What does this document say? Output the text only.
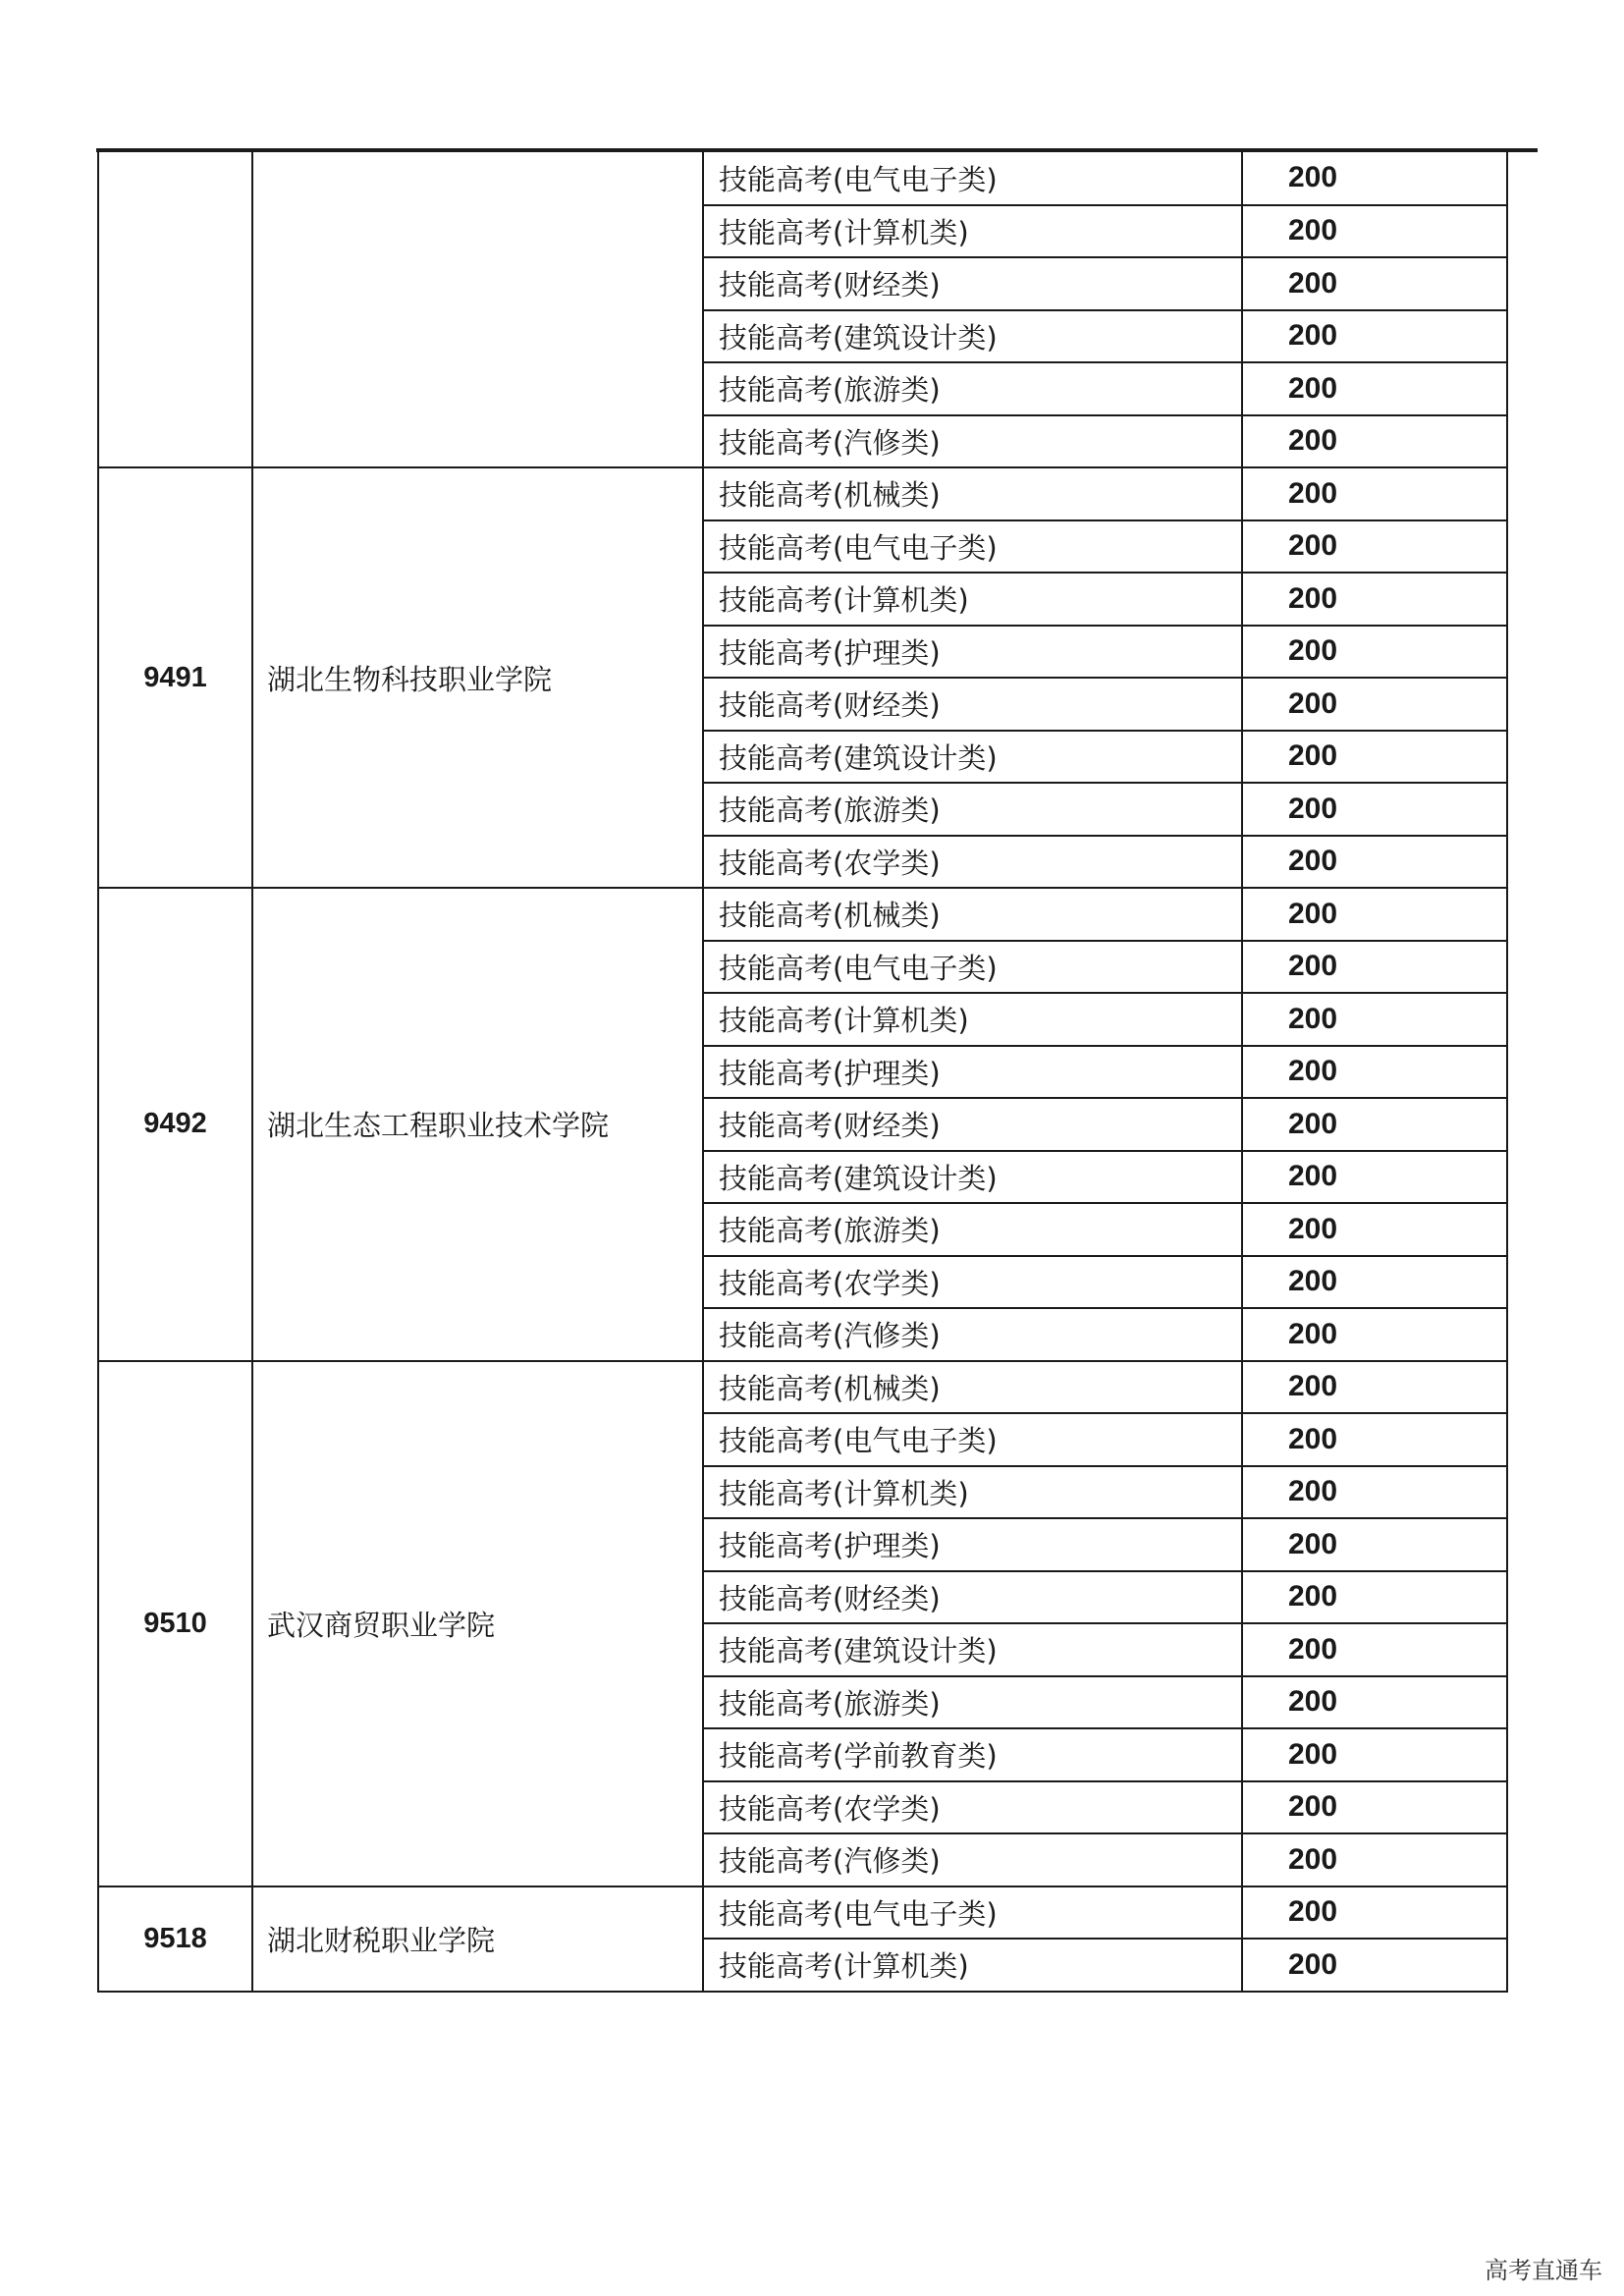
		技能高考(电气电子类)	200
		技能高考(计算机类)	200
		技能高考(财经类)	200
		技能高考(建筑设计类)	200
		技能高考(旅游类)	200
		技能高考(汽修类)	200
9491	湖北生物科技职业学院	技能高考(机械类)	200
		技能高考(电气电子类)	200
		技能高考(计算机类)	200
		技能高考(护理类)	200
		技能高考(财经类)	200
		技能高考(建筑设计类)	200
		技能高考(旅游类)	200
		技能高考(农学类)	200
9492	湖北生态工程职业技术学院	技能高考(机械类)	200
		技能高考(电气电子类)	200
		技能高考(计算机类)	200
		技能高考(护理类)	200
		技能高考(财经类)	200
		技能高考(建筑设计类)	200
		技能高考(旅游类)	200
		技能高考(农学类)	200
		技能高考(汽修类)	200
9510	武汉商贸职业学院	技能高考(机械类)	200
		技能高考(电气电子类)	200
		技能高考(计算机类)	200
		技能高考(护理类)	200
		技能高考(财经类)	200
		技能高考(建筑设计类)	200
		技能高考(旅游类)	200
		技能高考(学前教育类)	200
		技能高考(农学类)	200
		技能高考(汽修类)	200
9518	湖北财税职业学院	技能高考(电气电子类)	200
		技能高考(计算机类)	200
高考直通车
